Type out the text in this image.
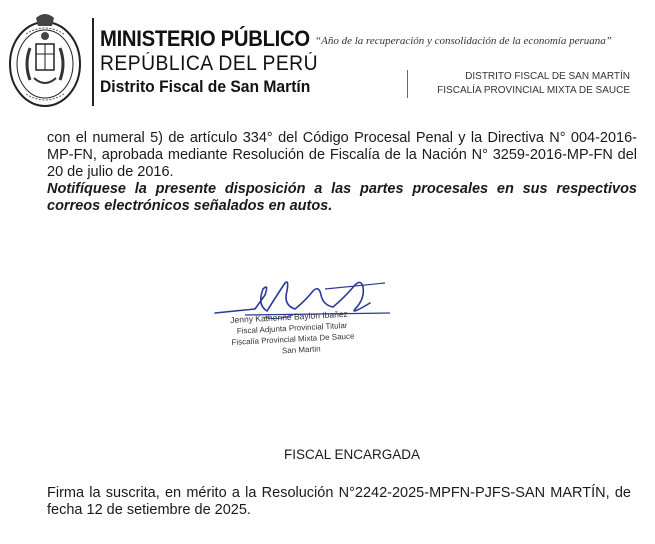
MINISTERIO PÚBLICO
REPÚBLICA DEL PERÚ
Distrito Fiscal de San Martín
“Año de la recuperación y consolidación de la economía peruana”
DISTRITO FISCAL DE SAN MARTÍN
FISCALÍA PROVINCIAL MIXTA DE SAUCE

con el numeral 5) de artículo 334° del Código Procesal Penal y la Directiva N° 004-2016-MP-FN, aprobada mediante Resolución de Fiscalía de la Nación N° 3259-2016-MP-FN del 20 de julio de 2016.

Notifíquese la presente disposición a las partes procesales en sus respectivos correos electrónicos señalados en autos.

Jenny Katherine Baylon Ibañez
Fiscal Adjunta Provincial Titular
Fiscalía Provincial Mixta De Sauce
San Martin
FISCAL ENCARGADA

Firma la suscrita, en mérito a la Resolución N°2242-2025-MPFN-PJFS-SAN MARTÍN, de fecha 12 de setiembre de 2025.
